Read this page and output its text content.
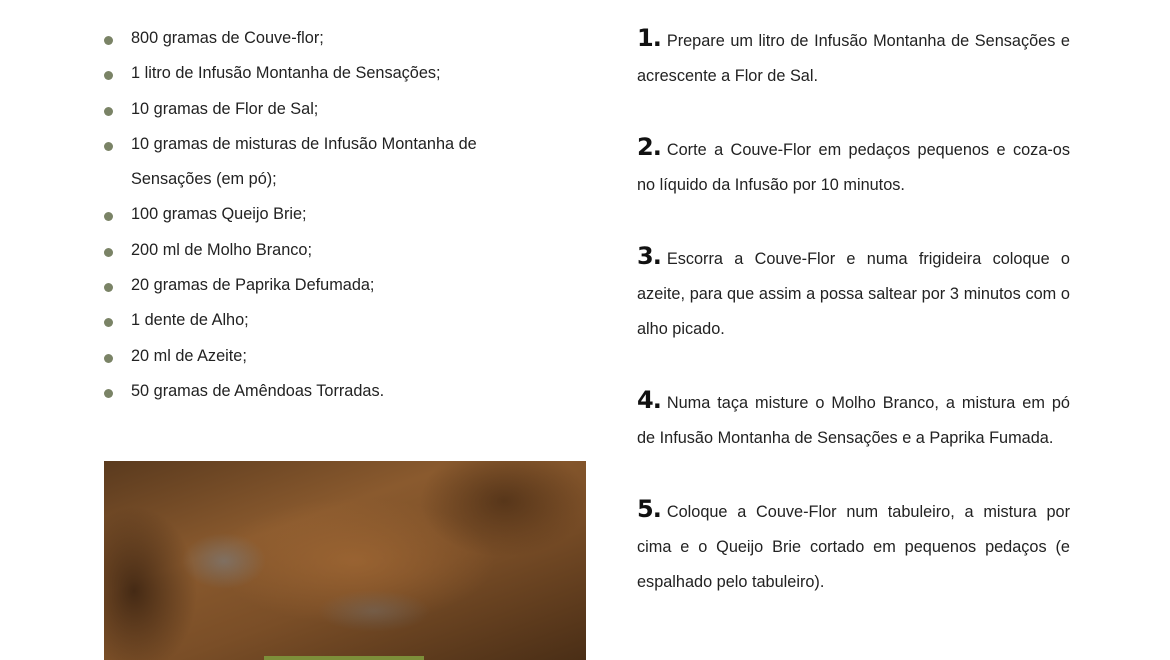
800 gramas de Couve-flor;
1 litro de Infusão Montanha de Sensações;
10 gramas de Flor de Sal;
10 gramas de misturas de Infusão Montanha de Sensações (em pó);
100 gramas Queijo Brie;
200 ml de Molho Branco;
20 gramas de Paprika Defumada;
1 dente de Alho;
20 ml de Azeite;
50 gramas de Amêndoas Torradas.
1. Prepare um litro de Infusão Montanha de Sensações e acrescente a Flor de Sal.
2. Corte a Couve-Flor em pedaços pequenos e coza-os no líquido da Infusão por 10 minutos.
3. Escorra a Couve-Flor e numa frigideira coloque o azeite, para que assim a possa saltear por 3 minutos com o alho picado.
4. Numa taça misture o Molho Branco, a mistura em pó de Infusão Montanha de Sensações e a Paprika Fumada.
5. Coloque a Couve-Flor num tabuleiro, a mistura por cima e o Queijo Brie cortado em pequenos pedaços (e espalhado pelo tabuleiro).
